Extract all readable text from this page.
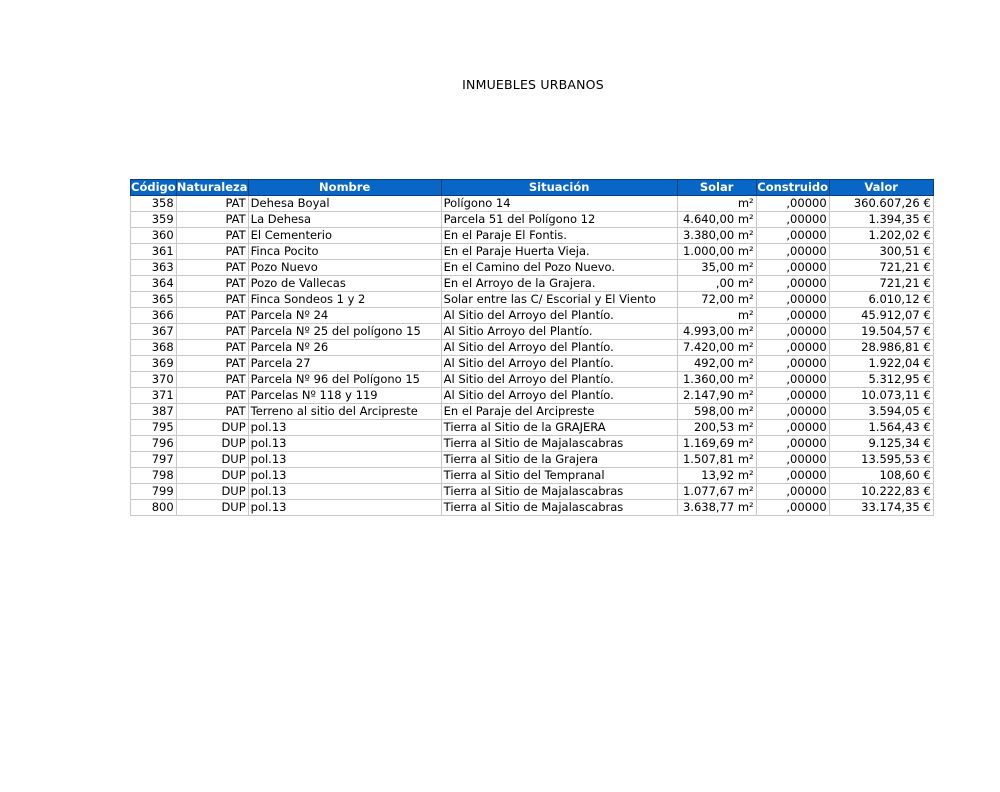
INMUEBLES URBANOS
Código	Naturaleza	Nombre	Situación	Solar	Construido	Valor
358	PAT	Dehesa Boyal	Polígono 14	m²	,00000	360.607,26 €
359	PAT	La Dehesa	Parcela 51 del Polígono 12	4.640,00 m²	,00000	1.394,35 €
360	PAT	El Cementerio	En el Paraje El Fontis.	3.380,00 m²	,00000	1.202,02 €
361	PAT	Finca Pocito	En el Paraje Huerta Vieja.	1.000,00 m²	,00000	300,51 €
363	PAT	Pozo Nuevo	En el Camino del Pozo Nuevo.	35,00 m²	,00000	721,21 €
364	PAT	Pozo de Vallecas	En el Arroyo de la Grajera.	,00 m²	,00000	721,21 €
365	PAT	Finca Sondeos 1 y 2	Solar entre las C/ Escorial y El Viento	72,00 m²	,00000	6.010,12 €
366	PAT	Parcela Nº 24	Al Sitio del Arroyo del Plantío.	m²	,00000	45.912,07 €
367	PAT	Parcela Nº 25 del polígono 15	Al Sitio Arroyo del Plantío.	4.993,00 m²	,00000	19.504,57 €
368	PAT	Parcela Nº 26	Al Sitio del Arroyo del Plantío.	7.420,00 m²	,00000	28.986,81 €
369	PAT	Parcela 27	Al Sitio del Arroyo del Plantío.	492,00 m²	,00000	1.922,04 €
370	PAT	Parcela Nº 96 del Polígono 15	Al Sitio del Arroyo del Plantío.	1.360,00 m²	,00000	5.312,95 €
371	PAT	Parcelas Nº 118 y 119	Al Sitio del Arroyo del Plantío.	2.147,90 m²	,00000	10.073,11 €
387	PAT	Terreno al sitio del Arcipreste	En el Paraje del Arcipreste	598,00 m²	,00000	3.594,05 €
795	DUP	pol.13	Tierra al Sitio de la GRAJERA	200,53 m²	,00000	1.564,43 €
796	DUP	pol.13	Tierra al Sitio de Majalascabras	1.169,69 m²	,00000	9.125,34 €
797	DUP	pol.13	Tierra al Sitio de la Grajera	1.507,81 m²	,00000	13.595,53 €
798	DUP	pol.13	Tierra al Sitio del Tempranal	13,92 m²	,00000	108,60 €
799	DUP	pol.13	Tierra al Sitio de Majalascabras	1.077,67 m²	,00000	10.222,83 €
800	DUP	pol.13	Tierra al Sitio de Majalascabras	3.638,77 m²	,00000	33.174,35 €
